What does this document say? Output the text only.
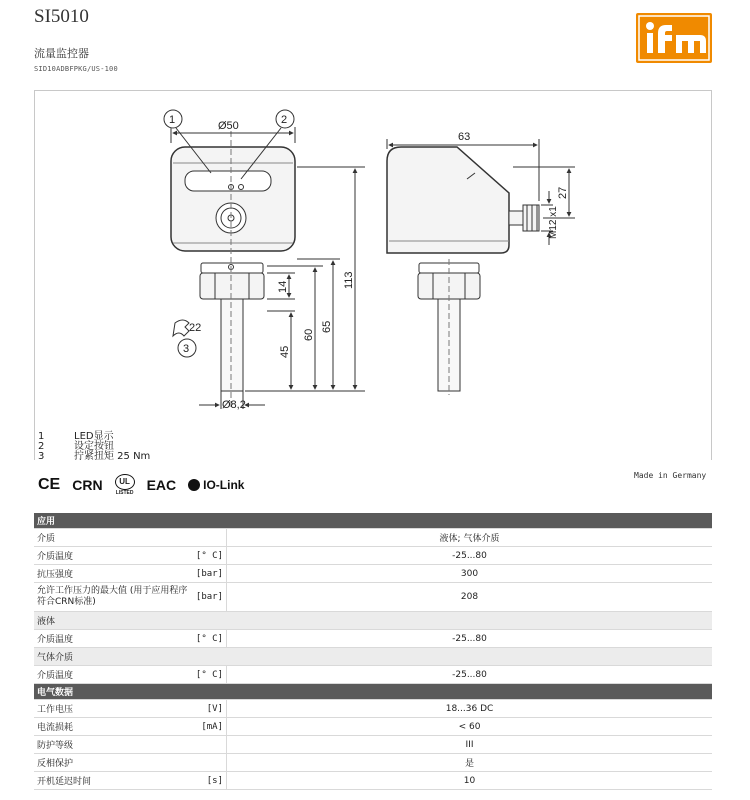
SI5010
流量监控器
SID10ADBFPKG/US-100
1	2
3
Ø50
63
22
Ø8,2
14
45
60
65
113
27
M12 x1
1	LED显示
2	设定按钮
3	拧紧扭矩 25 Nm
CE CRN	UL
LISTED EAC IO-Link
Made in Germany
应用		
介质		液体; 气体介质
介质温度	[° C]	-25...80
抗压强度	[bar]	300
允许工作压力的最大值 (用于应用程序符合CRN标准)	[bar]	208
液体		
介质温度	[° C]	-25...80
气体介质		
介质温度	[° C]	-25...80
电气数据		
工作电压	[V]	18...36 DC
电流损耗	[mA]	< 60
防护等级		III
反相保护		是
开机延迟时间	[s]	10
